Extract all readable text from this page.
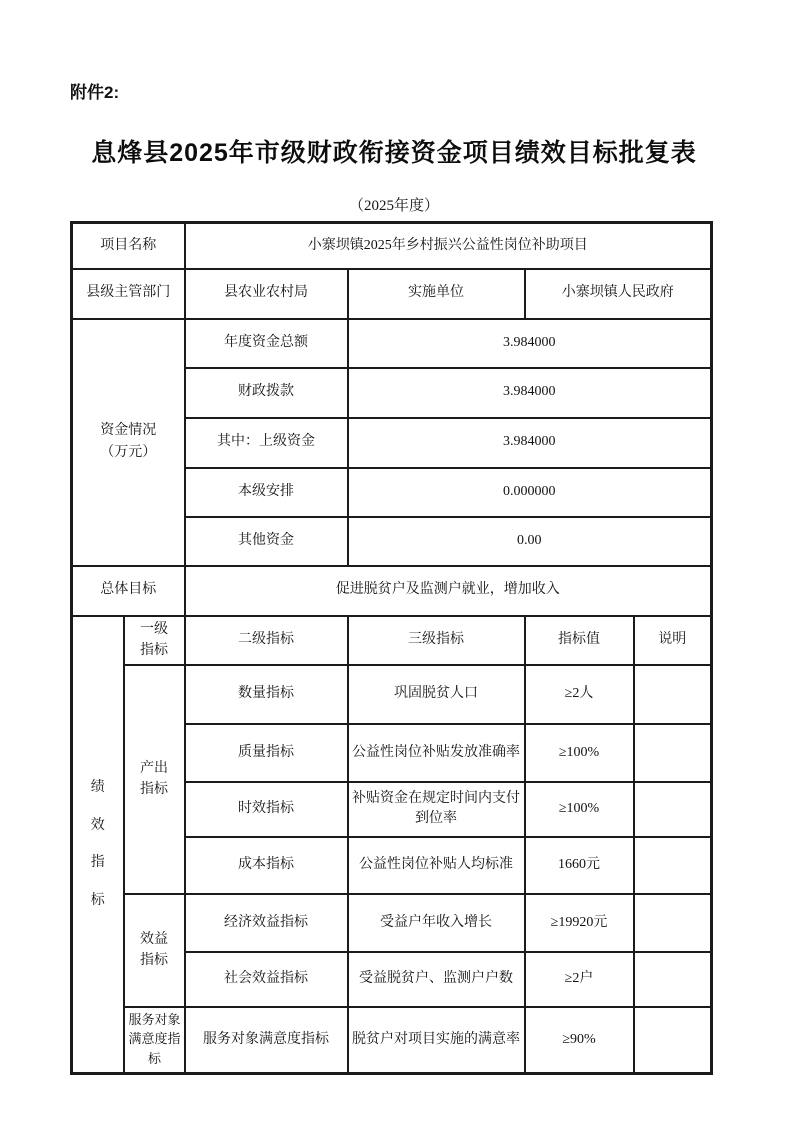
附件2:
息烽县2025年市级财政衔接资金项目绩效目标批复表
（2025年度）
项目名称		小寨坝镇2025年乡村振兴公益性岗位补助项目			
县级主管部门		县农业农村局	实施单位	小寨坝镇人民政府	
资金情况（万元）		年度资金总额	3.984000		
		财政拨款	3.984000		
		其中：上级资金	3.984000		
		本级安排	0.000000		
		其他资金	0.00		
总体目标		促进脱贫户及监测户就业，增加收入			
绩效指标	一级指标	二级指标	三级指标	指标值	说明
	产出指标	数量指标	巩固脱贫人口	≥2人	
		质量指标	公益性岗位补贴发放准确率	≥100%	
		时效指标	补贴资金在规定时间内支付到位率	≥100%	
		成本指标	公益性岗位补贴人均标准	1660元	
	效益指标	经济效益指标	受益户年收入增长	≥19920元	
		社会效益指标	受益脱贫户、监测户户数	≥2户	
	服务对象满意度指标	服务对象满意度指标	脱贫户对项目实施的满意率	≥90%	
